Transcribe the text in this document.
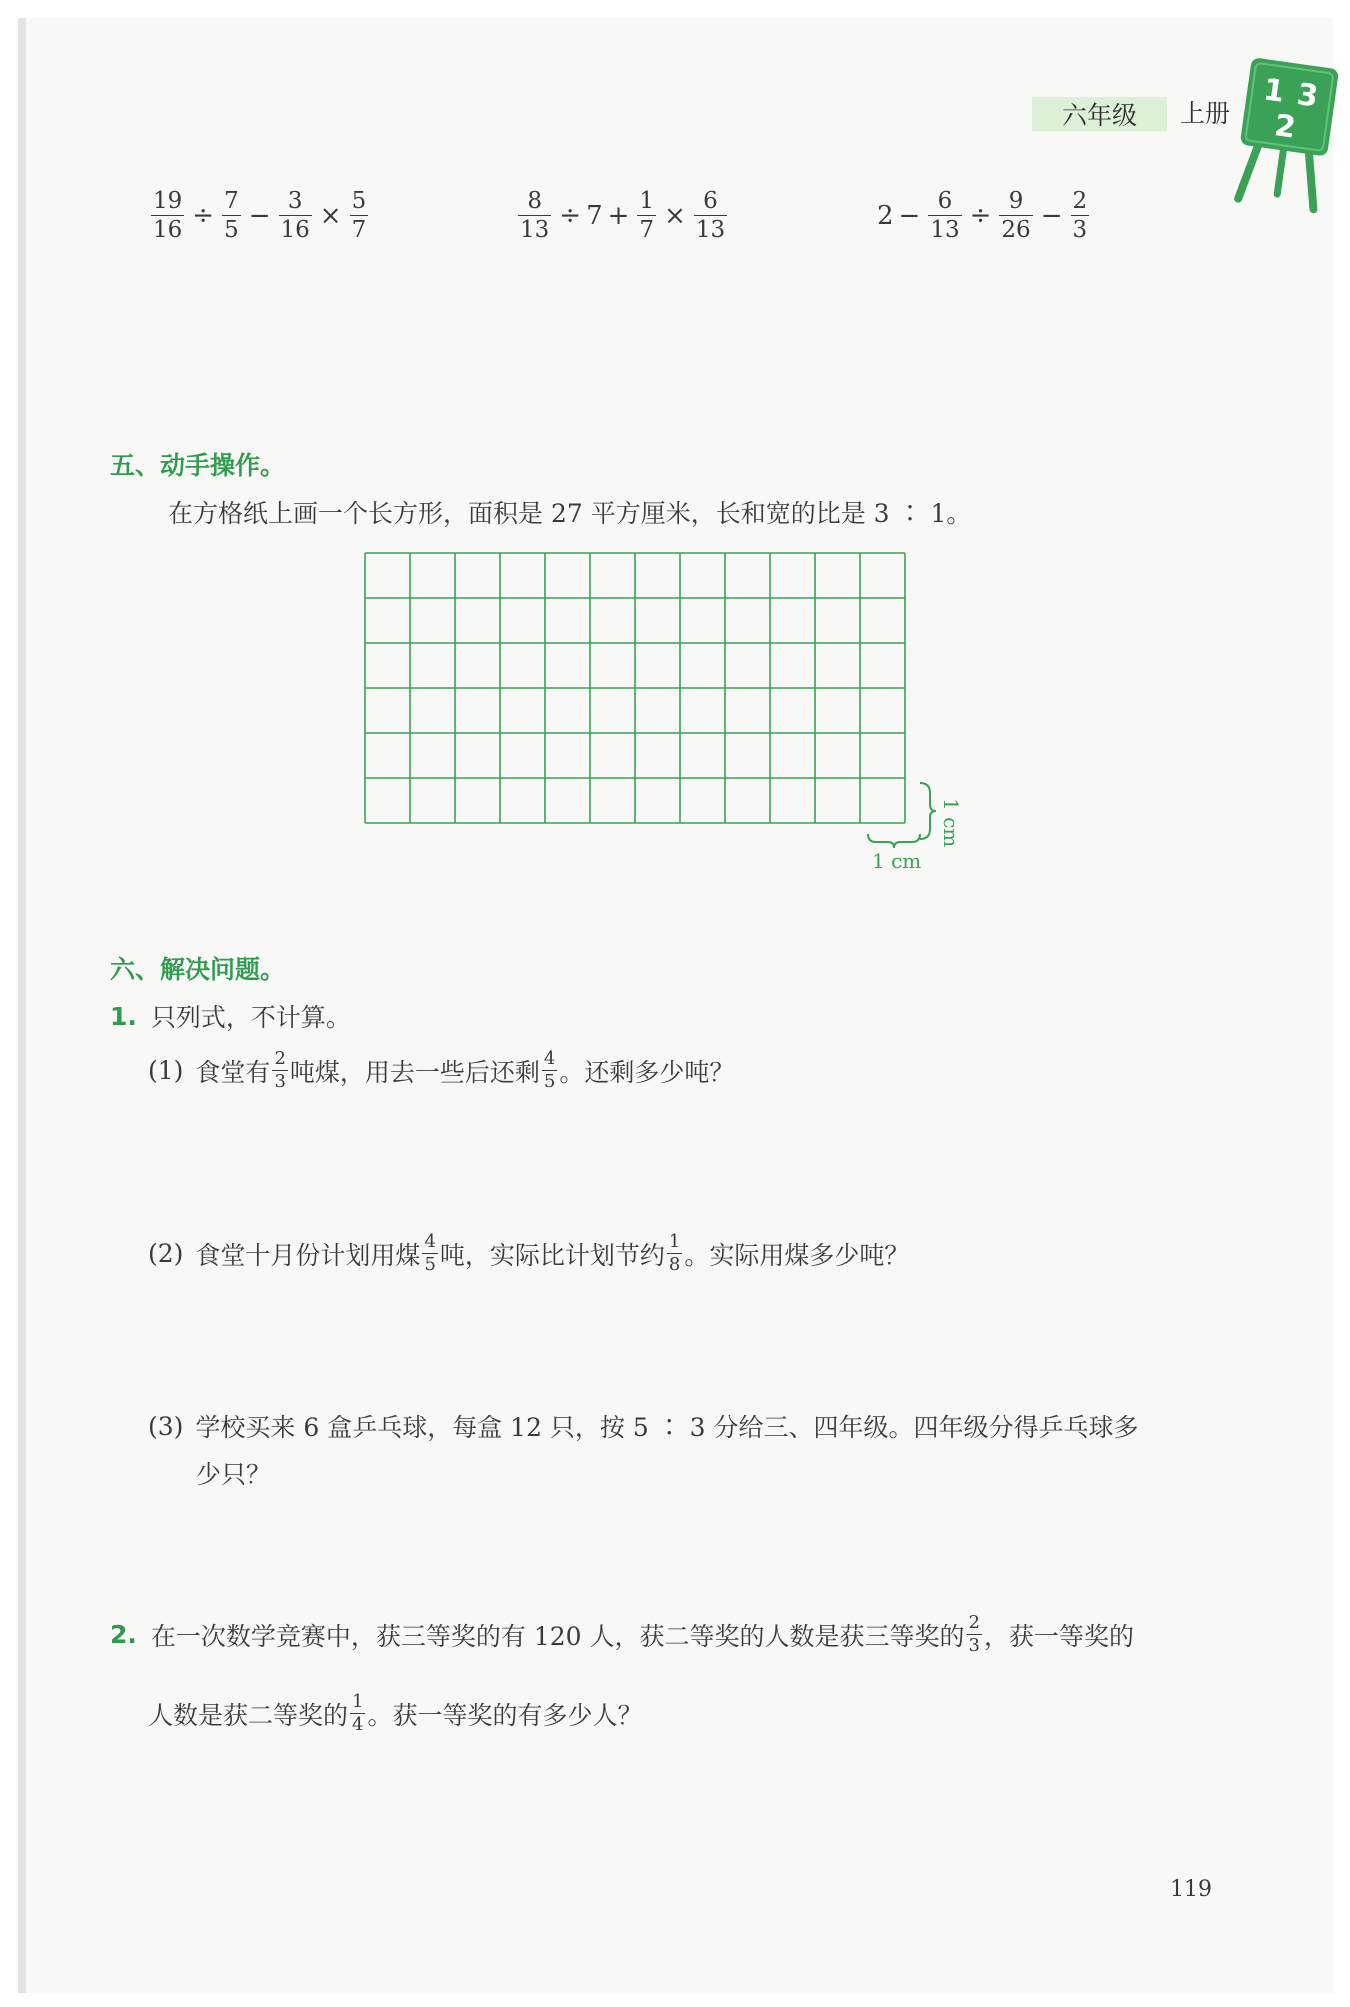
六年级	上册
1 3
2
$\frac{19}{16} \div \frac{7}{5} - \frac{3}{16} \times \frac{5}{7}$	$\frac{8}{13} \div 7 + \frac{1}{7} \times \frac{6}{13}$	$2 - \frac{6}{13} \div \frac{9}{26} - \frac{2}{3}$
五、动手操作。
在方格纸上画一个长方形，面积是 27 平方厘米，长和宽的比是 3 ∶ 1。
1 cm
1 cm
六、解决问题。
1. 只列式，不计算。
(1) 食堂有 $\frac{2}{3}$ 吨煤，用去一些后还剩 $\frac{4}{5}$ 。还剩多少吨？
(2) 食堂十月份计划用煤 $\frac{4}{5}$ 吨，实际比计划节约 $\frac{1}{8}$ 。实际用煤多少吨？
(3) 学校买来 6 盒乒乓球，每盒 12 只，按 5 ∶ 3 分给三、四年级。四年级分得乒乓球多
少只？
2. 在一次数学竞赛中，获三等奖的有 120 人，获二等奖的人数是获三等奖的 $\frac{2}{3}$ ，获一等奖的
人数是获二等奖的 $\frac{1}{4}$ 。获一等奖的有多少人？
119
